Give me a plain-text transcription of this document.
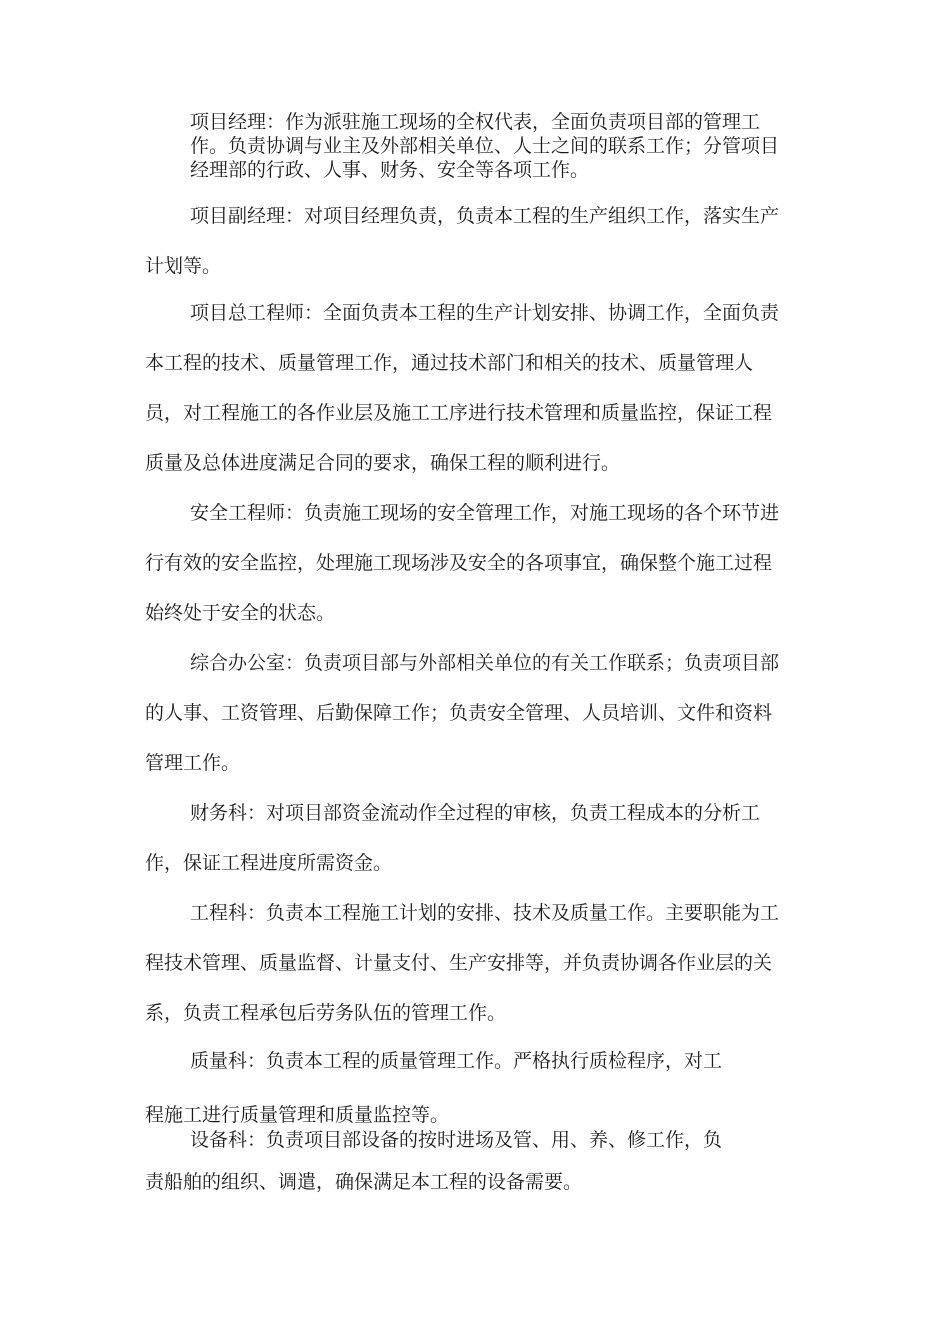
项目经理：作为派驻施工现场的全权代表，全面负责项目部的管理工

作。负责协调与业主及外部相关单位、人士之间的联系工作；分管项目

经理部的行政、人事、财务、安全等各项工作。

项目副经理：对项目经理负责，负责本工程的生产组织工作，落实生产

计划等。

项目总工程师：全面负责本工程的生产计划安排、协调工作，全面负责

本工程的技术、质量管理工作，通过技术部门和相关的技术、质量管理人

员，对工程施工的各作业层及施工工序进行技术管理和质量监控，保证工程

质量及总体进度满足合同的要求，确保工程的顺利进行。

安全工程师：负责施工现场的安全管理工作，对施工现场的各个环节进

行有效的安全监控，处理施工现场涉及安全的各项事宜，确保整个施工过程

始终处于安全的状态。

综合办公室：负责项目部与外部相关单位的有关工作联系；负责项目部

的人事、工资管理、后勤保障工作；负责安全管理、人员培训、文件和资料

管理工作。

财务科：对项目部资金流动作全过程的审核，负责工程成本的分析工

作，保证工程进度所需资金。

工程科：负责本工程施工计划的安排、技术及质量工作。主要职能为工

程技术管理、质量监督、计量支付、生产安排等，并负责协调各作业层的关

系，负责工程承包后劳务队伍的管理工作。

质量科：负责本工程的质量管理工作。严格执行质检程序，对工

程施工进行质量管理和质量监控等。

设备科：负责项目部设备的按时进场及管、用、养、修工作，负

责船舶的组织、调遣，确保满足本工程的设备需要。
